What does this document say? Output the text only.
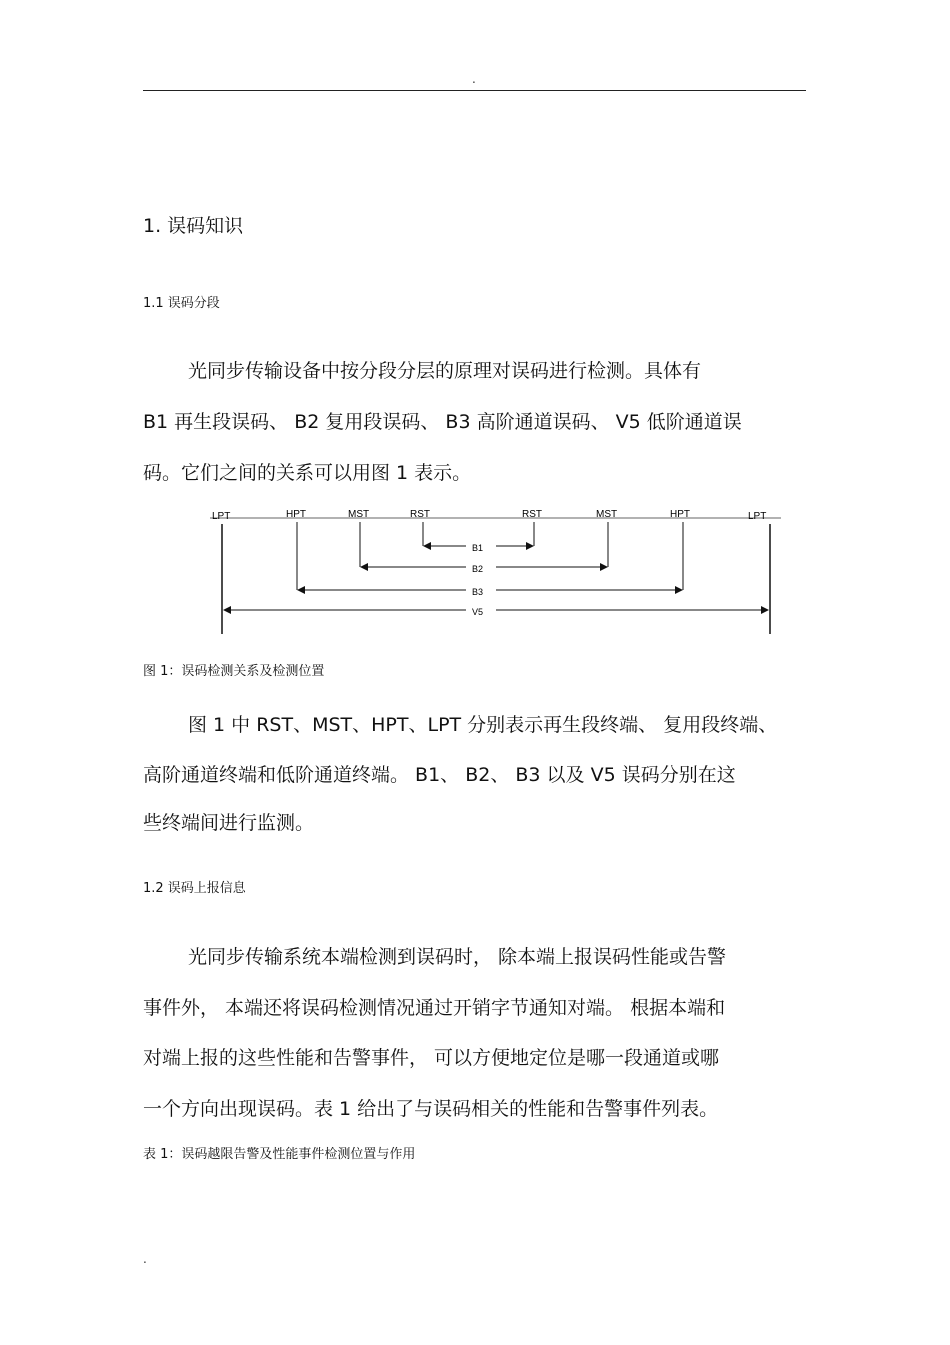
.
1. 误码知识
1.1 误码分段
光同步传输设备中按分段分层的原理对误码进行检测。具体有
B1 再生段误码、 B2 复用段误码、 B3 高阶通道误码、 V5 低阶通道误
码。它们之间的关系可以用图 1 表示。
LPT	HPT	MST	RST	RST	MST	HPT	LPT
B1
B2
B3
V5
图 1：误码检测关系及检测位置
图 1 中 RST、MST、HPT、LPT 分别表示再生段终端、 复用段终端、
高阶通道终端和低阶通道终端。 B1、 B2、 B3 以及 V5 误码分别在这
些终端间进行监测。
1.2 误码上报信息
光同步传输系统本端检测到误码时， 除本端上报误码性能或告警
事件外， 本端还将误码检测情况通过开销字节通知对端。 根据本端和
对端上报的这些性能和告警事件， 可以方便地定位是哪一段通道或哪
一个方向出现误码。表 1 给出了与误码相关的性能和告警事件列表。
表 1：误码越限告警及性能事件检测位置与作用
.
